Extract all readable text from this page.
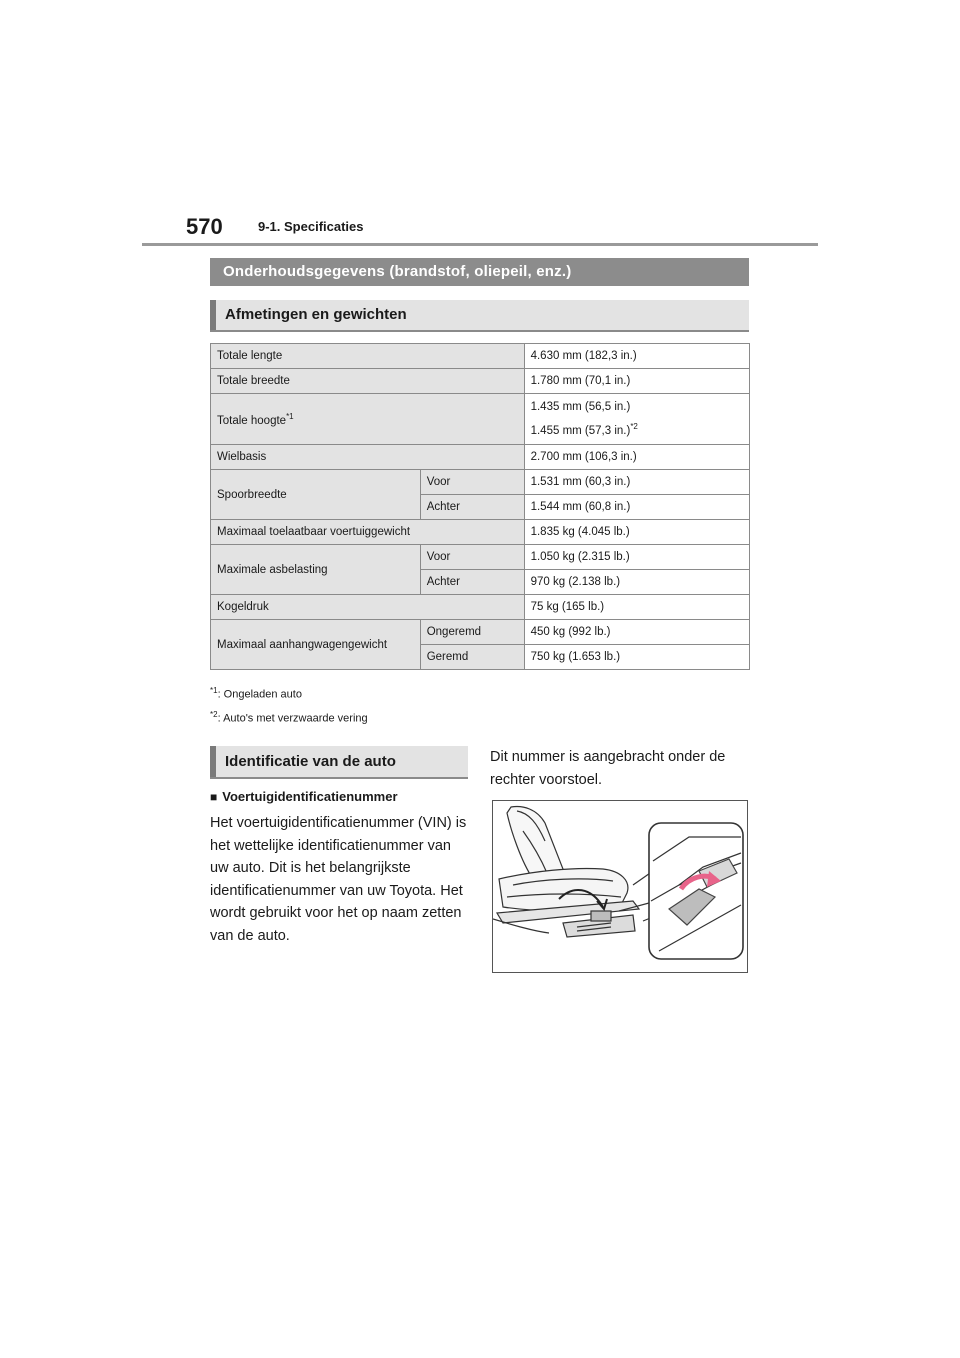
570	9-1. Specificaties
Onderhoudsgegevens (brandstof, oliepeil, enz.)
Afmetingen en gewichten
Totale lengte		4.630 mm (182,3 in.)
Totale breedte		1.780 mm (70,1 in.)
Totale hoogte$^{*1}$		1.435 mm (56,5 in.)
1.455 mm (57,3 in.)$^{*2}$

Wielbasis		2.700 mm (106,3 in.)
Spoorbreedte	Voor	1.531 mm (60,3 in.)
	Achter	1.544 mm (60,8 in.)
Maximaal toelaatbaar voertuiggewicht		1.835 kg (4.045 lb.)
Maximale asbelasting	Voor	1.050 kg (2.315 lb.)
	Achter	970 kg (2.138 lb.)
Kogeldruk		75 kg (165 lb.)
Maximaal aanhangwagengewicht	Ongeremd	450 kg (992 lb.)
	Geremd	750 kg (1.653 lb.)
$^{*1}$: Ongeladen auto
$^{*2}$: Auto's met verzwaarde vering
Identificatie van de auto
■ Voertuigidentificatienummer
Het voertuigidentificatienummer (VIN) is het wettelijke identificatienummer van uw auto. Dit is het belangrijkste identificatienummer van uw Toyota. Het wordt gebruikt voor het op naam zetten van de auto.
Dit nummer is aangebracht onder de rechter voorstoel.
